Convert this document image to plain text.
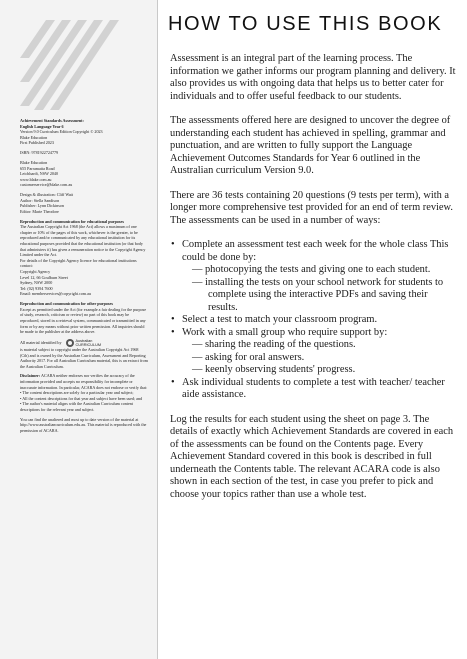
Achievement Standards Assessment:
English Language Year 6
Version 9.0 Curriculum Edition Copyright © 2023
Blake Education
First Published 2023

ISBN: 9781922724779

Blake Education
655 Parramatta Road
Leichhardt, NSW 2040
www.blake.com.au
customerservice@blake.com.au

Design & illustration: Cliff Watt
Author: Stella Sandison
Publisher: Lynn Dickinson
Editor: Marie Theodore

Reproduction and communication for educational purposes
The Australian Copyright Act 1968 (the Act) allows a maximum of one chapter or 10% of the pages of this work, whichever is the greater, to be reproduced and/or communicated by any educational institution for its educational purposes provided that the educational institution (or that body that administers it) has given a remuneration notice to the Copyright Agency Limited under the Act.
For details of the Copyright Agency licence for educational institutions contact:
Copyright Agency
Level 12, 66 Goulburn Street
Sydney, NSW 2000
Tel: (02) 9394 7600
Email: memberservices@copyright.com.au

Reproduction and communication for other purposes
Except as permitted under the Act (for example a fair dealing for the purpose of study, research, criticism or review) no part of this book may be reproduced, stored in a retrieval system, communicated or transmitted in any form or by any means without prior written permission. All inquiries should be made to the publisher at the address above.

All material identified by	Australian
CURRICULUM

is material subject to copyright under the Australian Copyright Act 1968 (Cth) and is owned by the Australian Curriculum, Assessment and Reporting Authority 2017. For all Australian Curriculum material, this is an extract from the Australian Curriculum.

Disclaimer: ACARA neither endorses nor verifies the accuracy of the information provided and accepts no responsibility for incomplete or inaccurate information. In particular, ACARA does not endorse or verify that:
• The content descriptions are solely for a particular year and subject;
• All the content descriptions for that year and subject have been used; and
• The author's material aligns with the Australian Curriculum content descriptions for the relevant year and subject.

You can find the unaltered and most up to date version of the material at http://www.australiancurriculum.edu.au. This material is reproduced with the permission of ACARA.

HOW TO USE THIS BOOK

Assessment is an integral part of the learning process. The information we gather informs our program planning and delivery. It also provides us with ongoing data that helps us to better cater for individuals and to offer useful feedback to our students.

The assessments offered here are designed to uncover the degree of understanding each student has achieved in spelling, grammar and punctuation, and are written to fully support the Language Achievement Outcomes Standards for Year 6 outlined in the Australian curriculum Version 9.0.

There are 36 tests containing 20 questions (9 tests per term), with a longer more comprehensive test provided for an end of term review. The assessments can be used in a number of ways:

• Complete an assessment test each week for the whole class This could be done by:
— photocopying the tests and giving one to each student.
— installing the tests on your school network for students to complete using the interactive PDFs and saving their results.
• Select a test to match your classroom program.
• Work with a small group who require support by:
— sharing the reading of the questions.
— asking for oral answers.
— keenly observing students' progress.
• Ask individual students to complete a test with teacher/ teacher aide assistance.

Log the results for each student using the sheet on page 3. The details of exactly which Achievement Standards are covered in each of the assessments can be found on the Contents page. Every Achievement Standard covered in this book is described in full underneath the Contents table. The relevant ACARA code is also shown in each section of the test, in case you prefer to pick and choose your topics rather than use a whole test.
